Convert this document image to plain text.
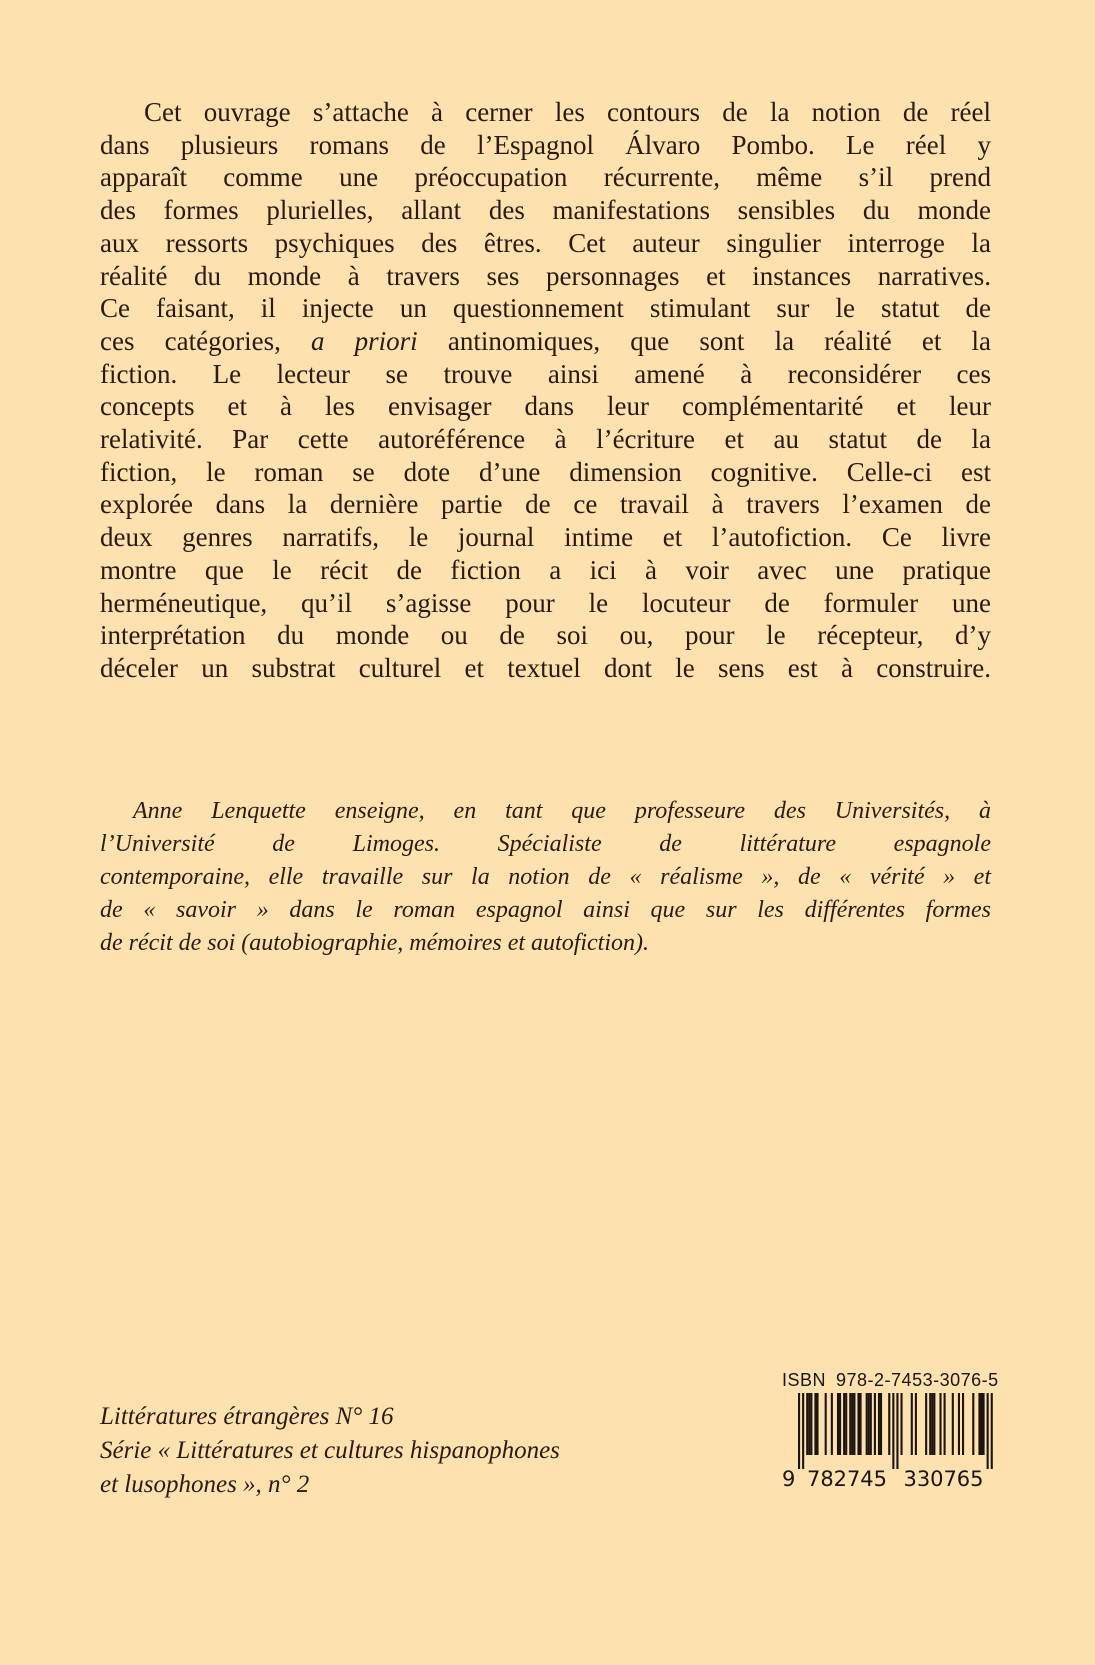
Cet ouvrage s’attache à cerner les contours de la notion de réel
dans plusieurs romans de l’Espagnol Álvaro Pombo. Le réel y
apparaît comme une préoccupation récurrente, même s’il prend
des formes plurielles, allant des manifestations sensibles du monde
aux ressorts psychiques des êtres. Cet auteur singulier interroge la
réalité du monde à travers ses personnages et instances narratives.
Ce faisant, il injecte un questionnement stimulant sur le statut de
ces catégories, a priori antinomiques, que sont la réalité et la
fiction. Le lecteur se trouve ainsi amené à reconsidérer ces
concepts et à les envisager dans leur complémentarité et leur
relativité. Par cette autoréférence à l’écriture et au statut de la
fiction, le roman se dote d’une dimension cognitive. Celle-ci est
explorée dans la dernière partie de ce travail à travers l’examen de
deux genres narratifs, le journal intime et l’autofiction. Ce livre
montre que le récit de fiction a ici à voir avec une pratique
herméneutique, qu’il s’agisse pour le locuteur de formuler une
interprétation du monde ou de soi ou, pour le récepteur, d’y
déceler un substrat culturel et textuel dont le sens est à construire.
Anne Lenquette enseigne, en tant que professeure des Universités, à
l’Université de Limoges. Spécialiste de littérature espagnole
contemporaine, elle travaille sur la notion de « réalisme », de « vérité » et
de « savoir » dans le roman espagnol ainsi que sur les différentes formes
de récit de soi (autobiographie, mémoires et autofiction).
Littératures étrangères N° 16
Série « Littératures et cultures hispanophones
et lusophones », n° 2
ISBN 978-2-7453-3076-5
9 782745 330765
